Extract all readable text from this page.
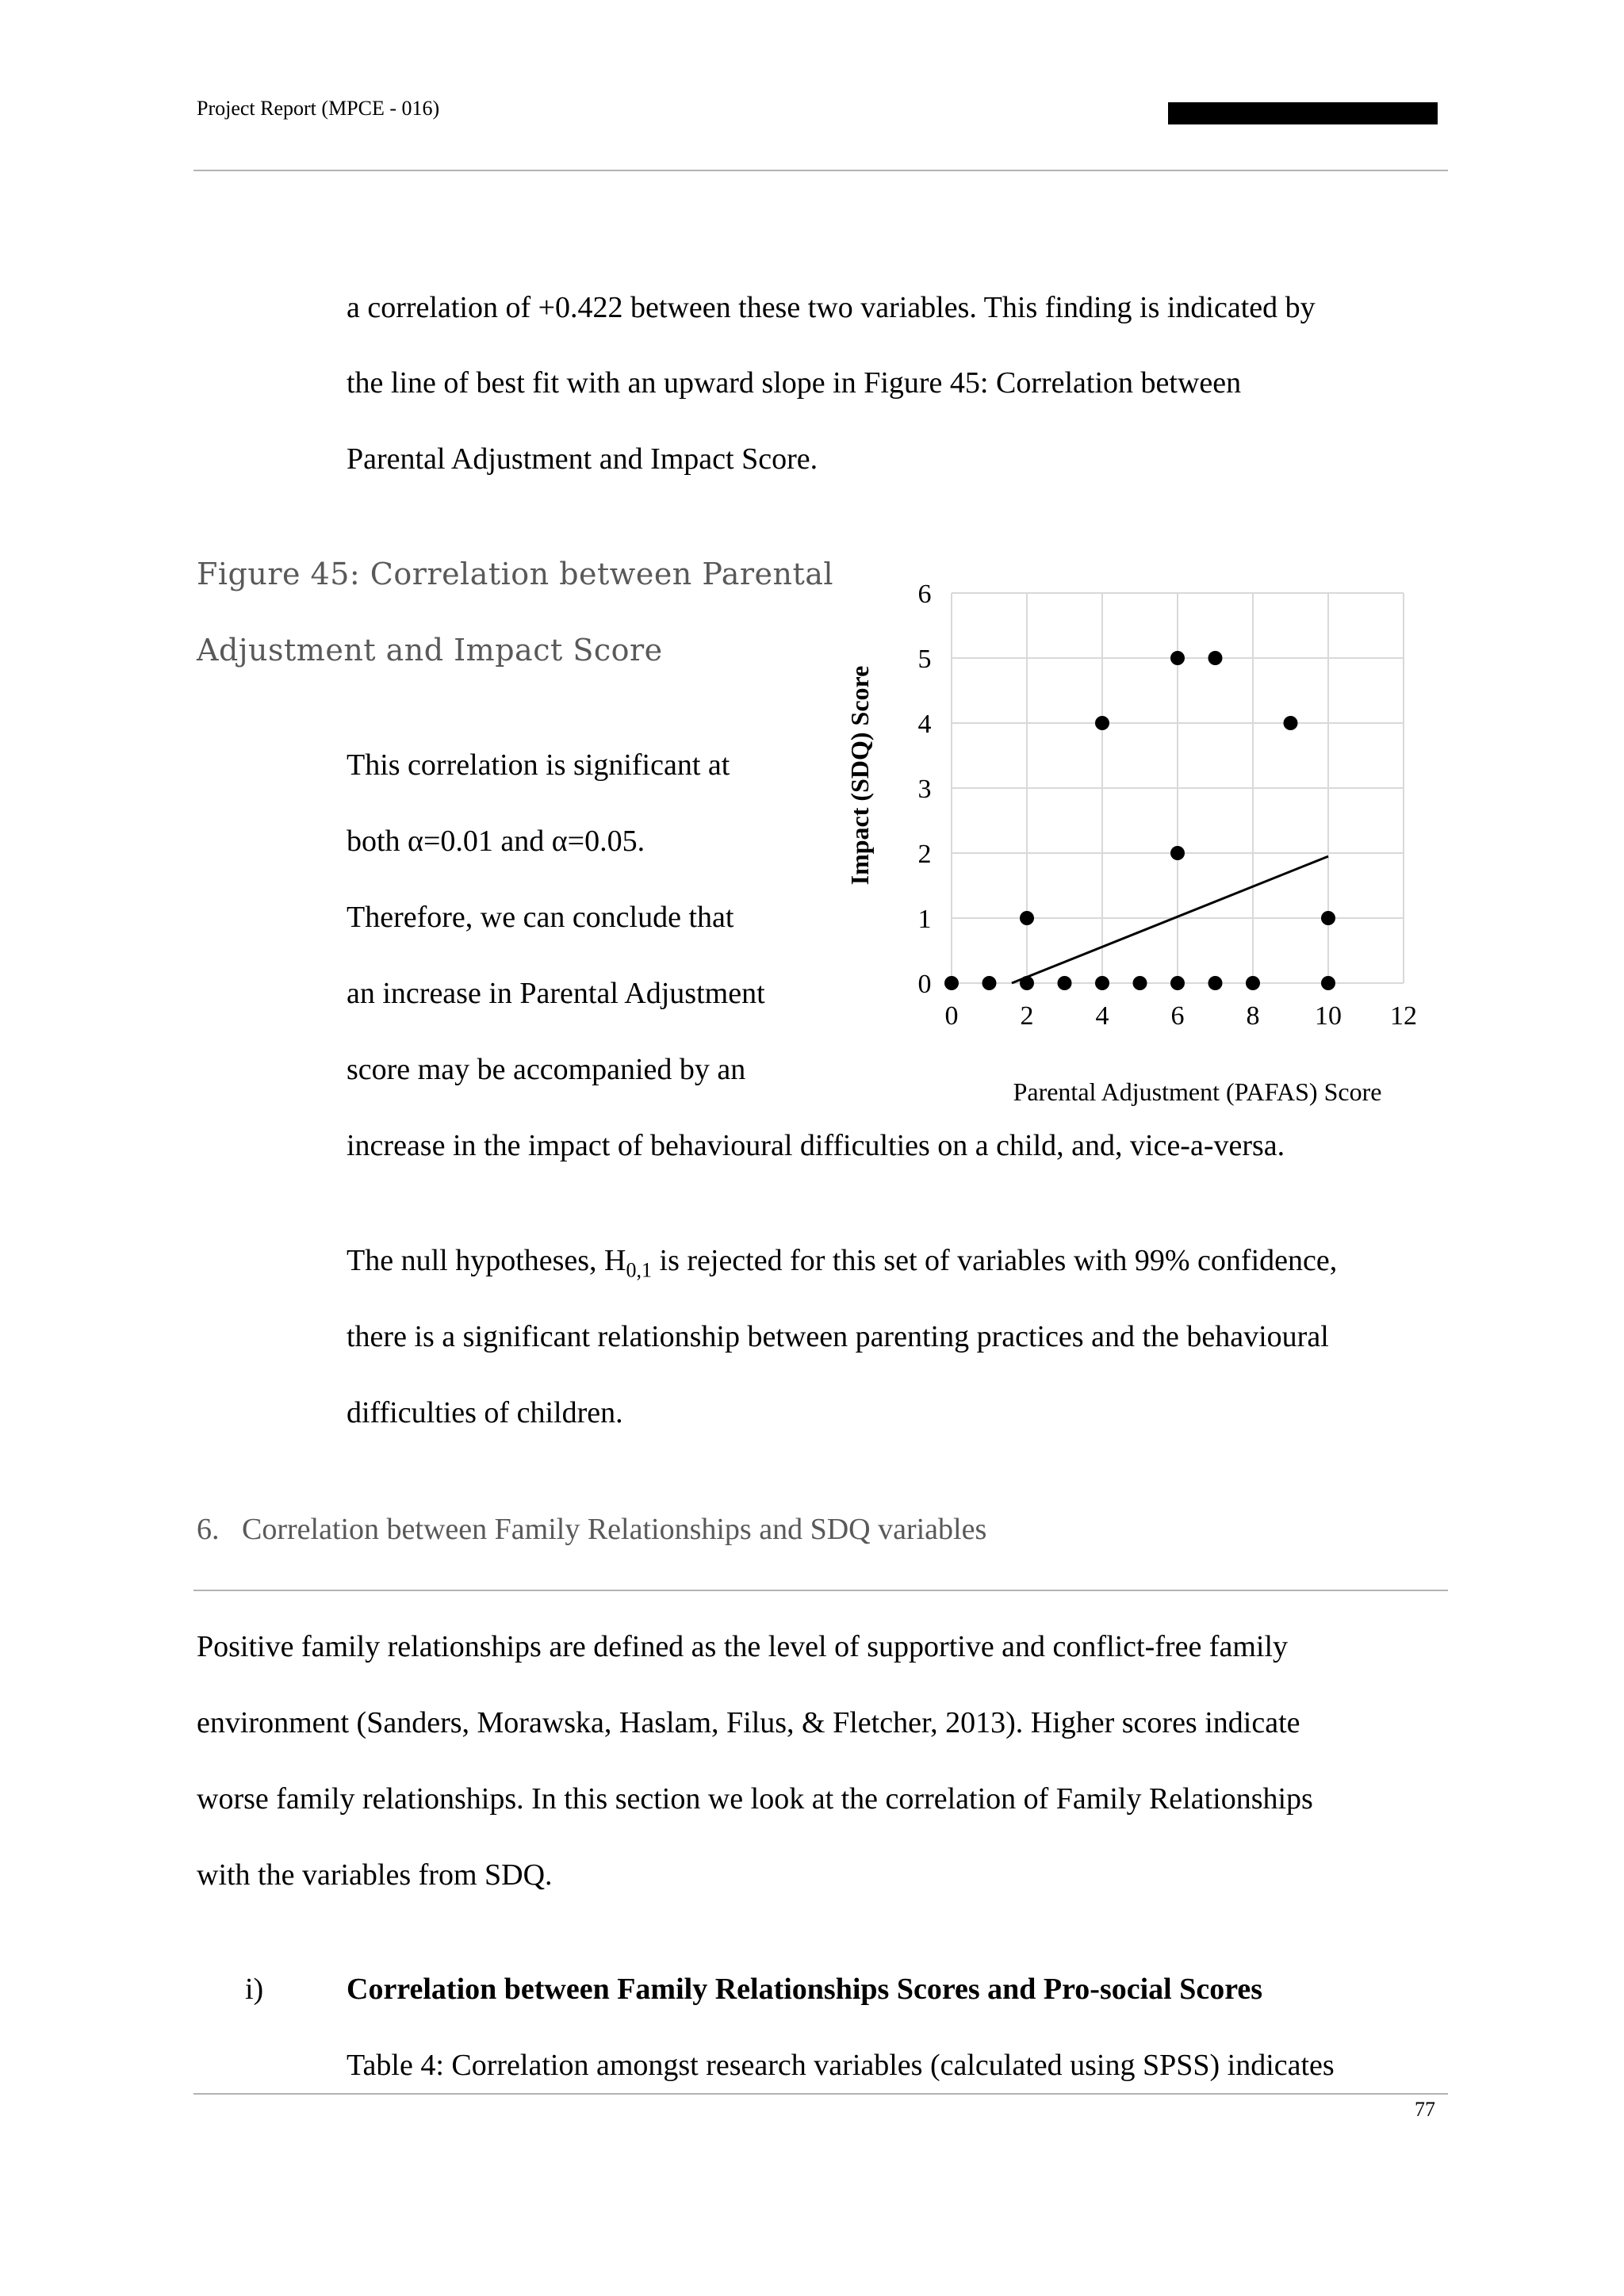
Project Report (MPCE - 016)
a correlation of +0.422 between these two variables. This finding is indicated by
the line of best fit with an upward slope in Figure 45: Correlation between
Parental Adjustment and Impact Score.
Figure 45: Correlation between Parental
Adjustment and Impact Score
This correlation is significant at
both α=0.01 and α=0.05.
Therefore, we can conclude that
an increase in Parental Adjustment
score may be accompanied by an
increase in the impact of behavioural difficulties on a child, and, vice-a-versa.
0 2 4 6 8 10 12
0
1
2
3
4
5
6
Parental Adjustment (PAFAS) Score
Impact (SDQ) Score
The null hypotheses, $H_{0,1}$ is rejected for this set of variables with 99% confidence,
there is a significant relationship between parenting practices and the behavioural
difficulties of children.
6.   Correlation between Family Relationships and SDQ variables
Positive family relationships are defined as the level of supportive and conflict-free family
environment (Sanders, Morawska, Haslam, Filus, & Fletcher, 2013). Higher scores indicate
worse family relationships. In this section we look at the correlation of Family Relationships
with the variables from SDQ.
i)	Correlation between Family Relationships Scores and Pro-social Scores
Table 4: Correlation amongst research variables (calculated using SPSS) indicates
77
